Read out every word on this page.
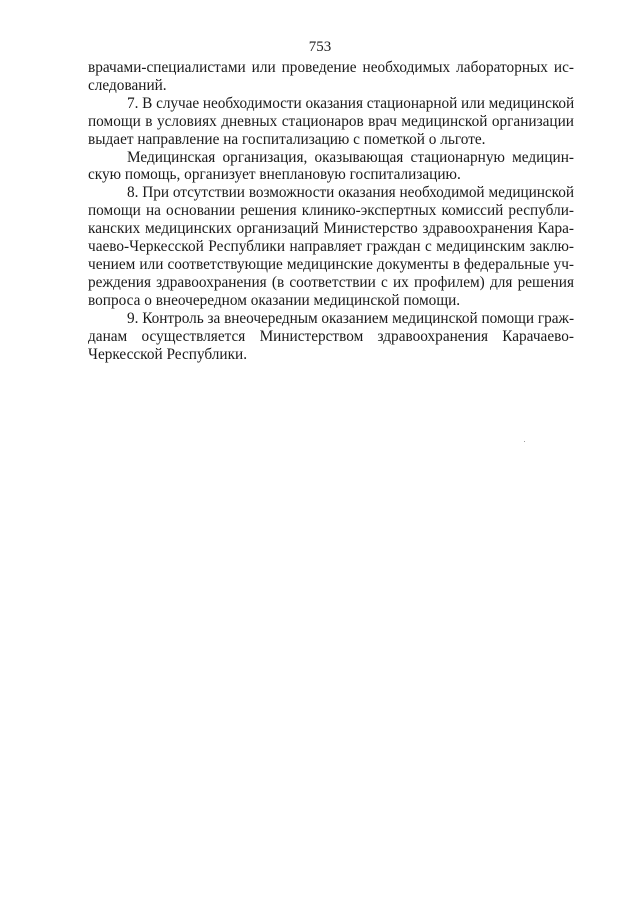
753

врачами-специалистами или проведение необходимых лабораторных ис-
следований.

7. В случае необходимости оказания стационарной или медицинской
помощи в условиях дневных стационаров врач медицинской организации
выдает направление на госпитализацию с пометкой о льготе.

Медицинская организация, оказывающая стационарную медицин-
скую помощь, организует внеплановую госпитализацию.

8. При отсутствии возможности оказания необходимой медицинской
помощи на основании решения клинико-экспертных комиссий республи-
канских медицинских организаций Министерство здравоохранения Кара-
чаево-Черкесской Республики направляет граждан с медицинским заклю-
чением или соответствующие медицинские документы в федеральные уч-
реждения здравоохранения (в соответствии с их профилем) для решения
вопроса о внеочередном оказании медицинской помощи.

9. Контроль за внеочередным оказанием медицинской помощи граж-
данам осуществляется Министерством здравоохранения Карачаево-
Черкесской Республики.
